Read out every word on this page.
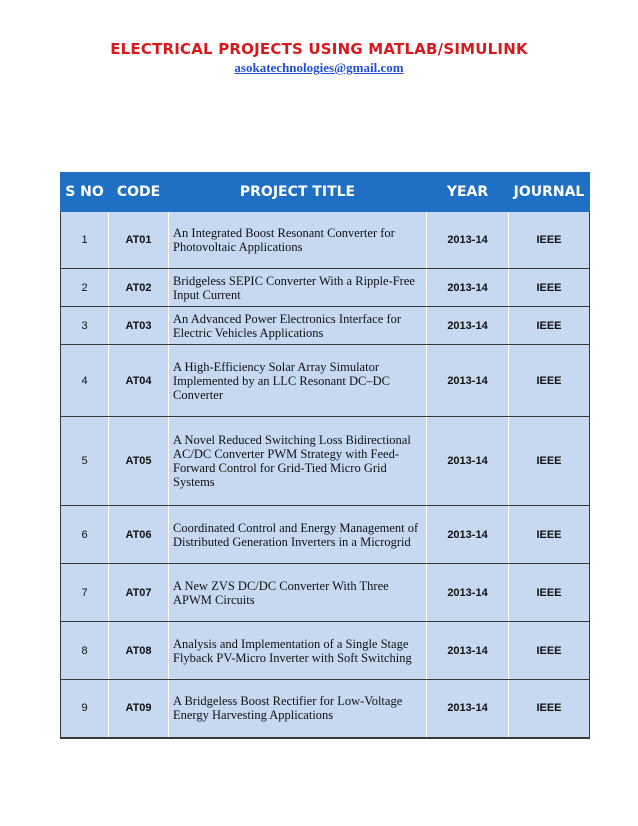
ELECTRICAL PROJECTS USING MATLAB/SIMULINK
asokatechnologies@gmail.com
S NO	CODE	PROJECT TITLE	YEAR	JOURNAL
1	AT01	An Integrated Boost Resonant Converter for Photovoltaic Applications	2013-14	IEEE
2	AT02	Bridgeless SEPIC Converter With a Ripple-Free Input Current	2013-14	IEEE
3	AT03	An Advanced Power Electronics Interface for Electric Vehicles Applications	2013-14	IEEE
4	AT04	A High-Efficiency Solar Array Simulator Implemented by an LLC Resonant DC–DC Converter	2013-14	IEEE
5	AT05	A Novel Reduced Switching Loss Bidirectional AC/DC Converter PWM Strategy with Feed-Forward Control for Grid-Tied Micro Grid Systems	2013-14	IEEE
6	AT06	Coordinated Control and Energy Management of Distributed Generation Inverters in a Microgrid	2013-14	IEEE
7	AT07	A New ZVS DC/DC Converter With Three APWM Circuits	2013-14	IEEE
8	AT08	Analysis and Implementation of a Single Stage Flyback PV-Micro Inverter with Soft Switching	2013-14	IEEE
9	AT09	A Bridgeless Boost Rectifier for Low-Voltage Energy Harvesting Applications	2013-14	IEEE
